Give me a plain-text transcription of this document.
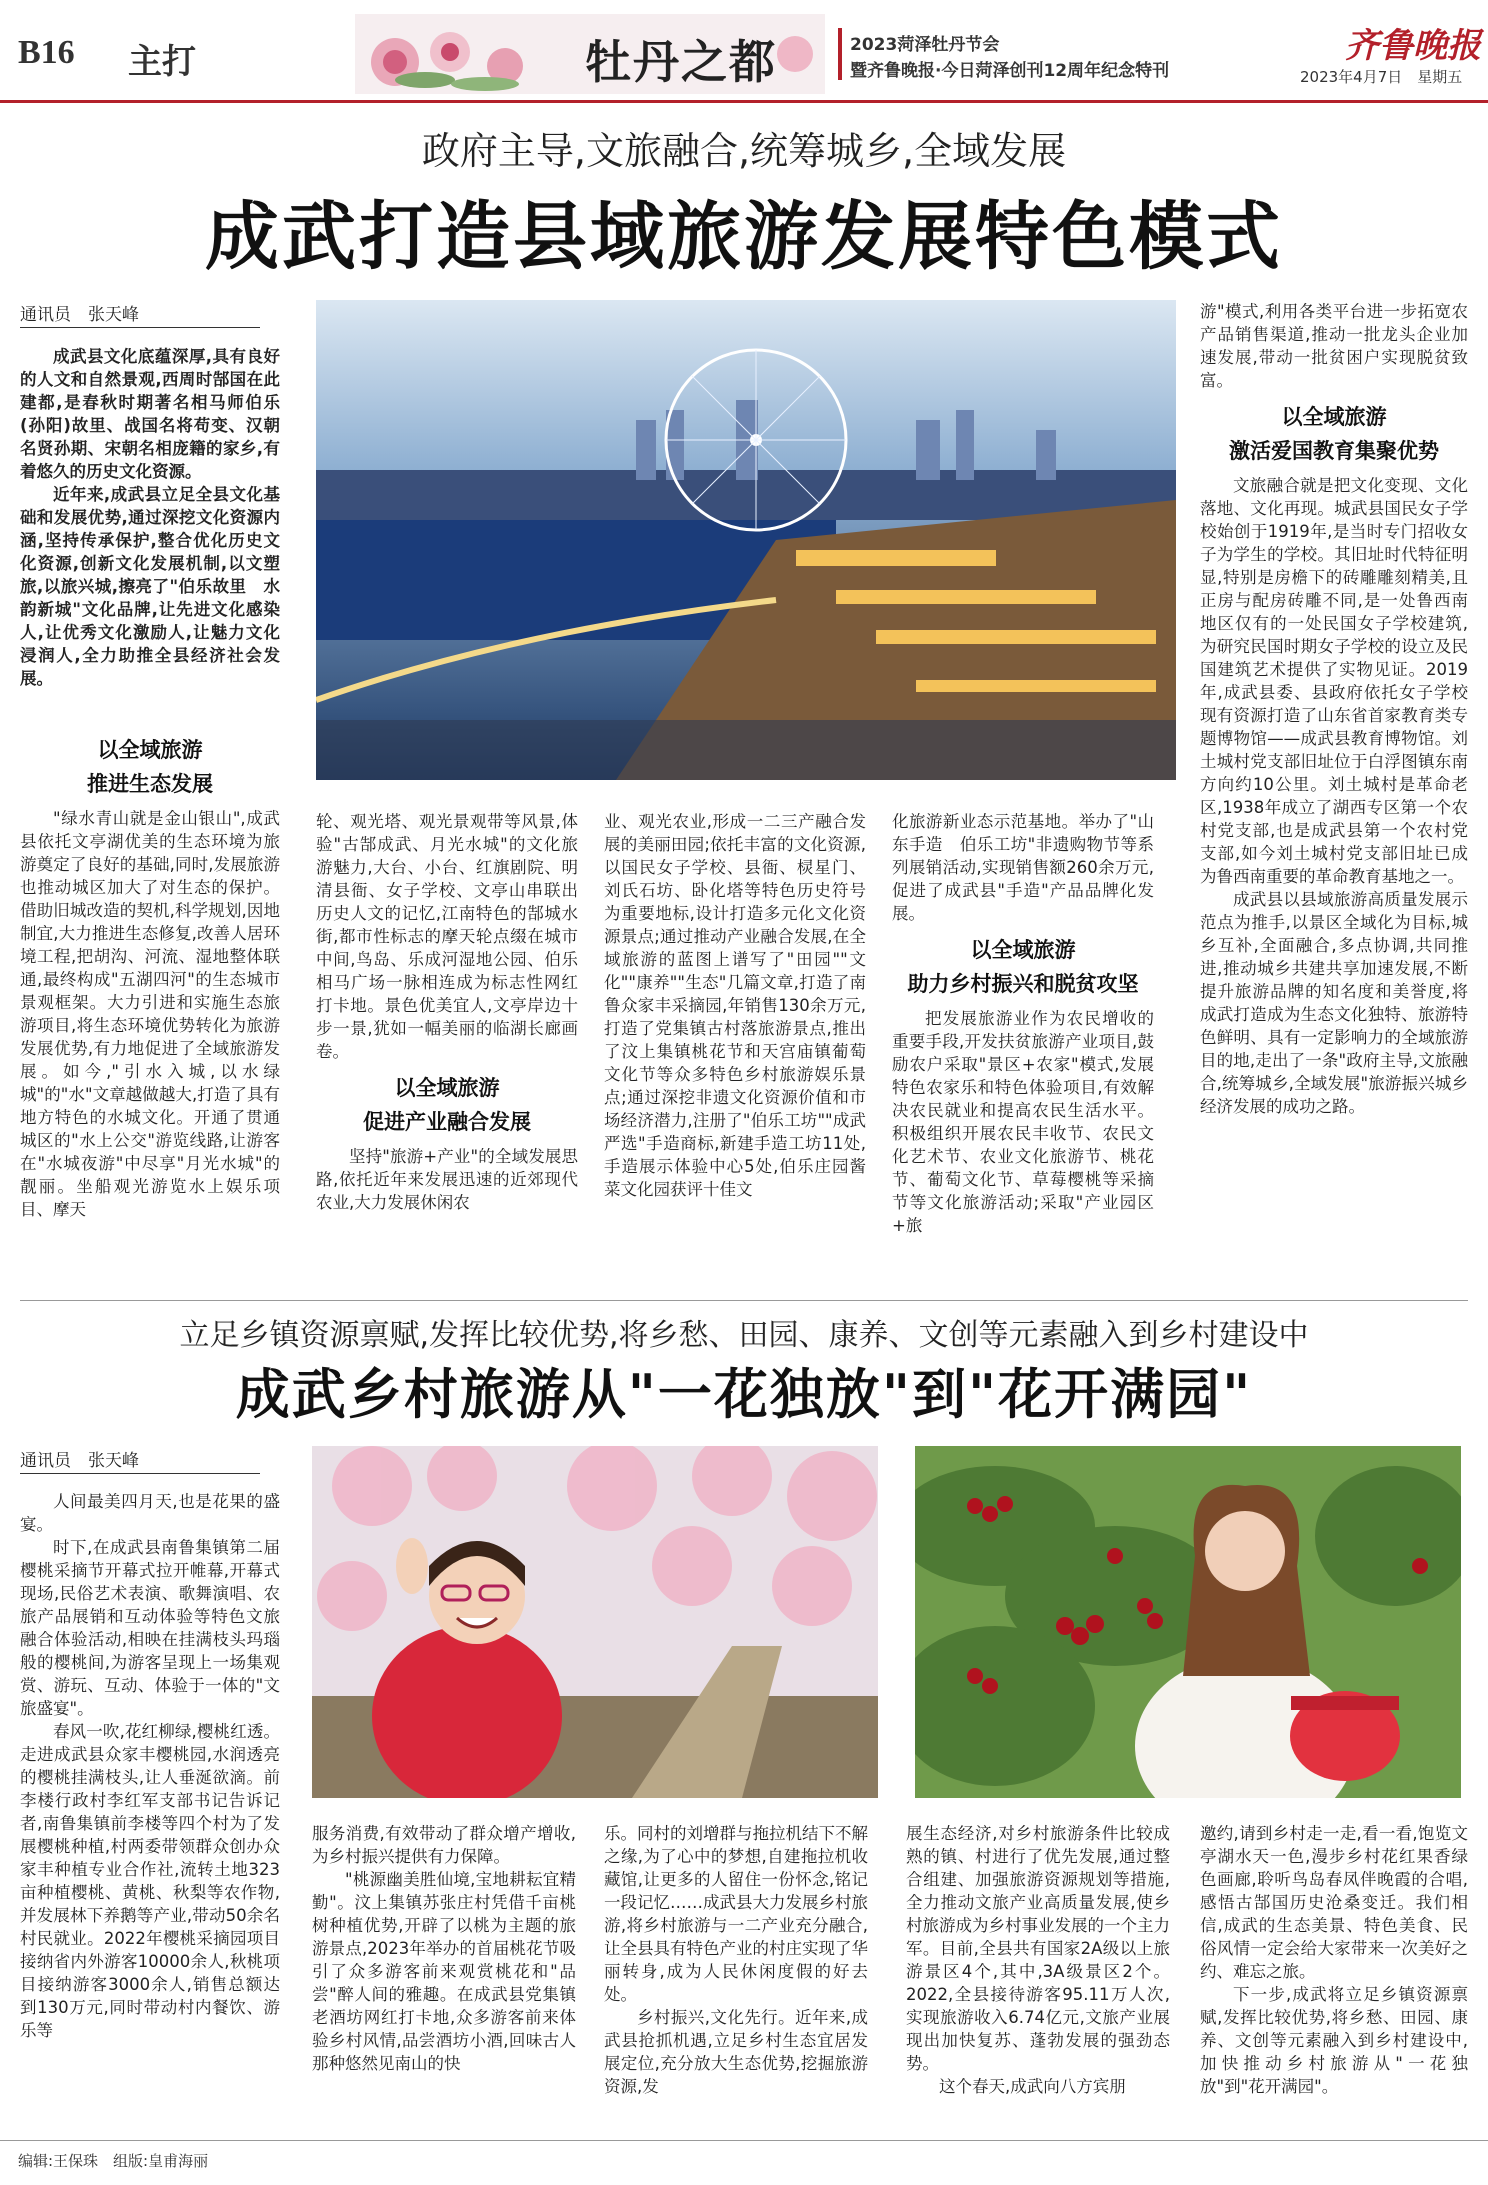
B16 主打	牡丹之都	2023菏泽牡丹节会
暨齐鲁晚报·今日菏泽创刊12周年纪念特刊
齐鲁晚报
2023年4月7日　星期五
政府主导,文旅融合,统筹城乡,全域发展
成武打造县域旅游发展特色模式
通讯员　张天峰

成武县文化底蕴深厚,具有良好的人文和自然景观,西周时郜国在此建都,是春秋时期著名相马师伯乐(孙阳)故里、战国名将苟变、汉朝名贤孙期、宋朝名相庞籍的家乡,有着悠久的历史文化资源。

近年来,成武县立足全县文化基础和发展优势,通过深挖文化资源内涵,坚持传承保护,整合优化历史文化资源,创新文化发展机制,以文塑旅,以旅兴城,擦亮了"伯乐故里　水韵新城"文化品牌,让先进文化感染人,让优秀文化激励人,让魅力文化浸润人,全力助推全县经济社会发展。

以全域旅游
推进生态发展

"绿水青山就是金山银山",成武县依托文亭湖优美的生态环境为旅游奠定了良好的基础,同时,发展旅游也推动城区加大了对生态的保护。借助旧城改造的契机,科学规划,因地制宜,大力推进生态修复,改善人居环境工程,把胡沟、河流、湿地整体联通,最终构成"五湖四河"的生态城市景观框架。大力引进和实施生态旅游项目,将生态环境优势转化为旅游发展优势,有力地促进了全域旅游发展。如今,"引水入城,以水绿城"的"水"文章越做越大,打造了具有地方特色的水城文化。开通了贯通城区的"水上公交"游览线路,让游客在"水城夜游"中尽享"月光水城"的靓丽。坐船观光游览水上娱乐项目、摩天

轮、观光塔、观光景观带等风景,体验"古郜成武、月光水城"的文化旅游魅力,大台、小台、红旗剧院、明清县衙、女子学校、文亭山串联出历史人文的记忆,江南特色的郜城水街,都市性标志的摩天轮点缀在城市中间,鸟岛、乐成河湿地公园、伯乐相马广场一脉相连成为标志性网红打卡地。景色优美宜人,文亭岸边十步一景,犹如一幅美丽的临湖长廊画卷。

以全域旅游
促进产业融合发展

坚持"旅游+产业"的全域发展思路,依托近年来发展迅速的近郊现代农业,大力发展休闲农

业、观光农业,形成一二三产融合发展的美丽田园;依托丰富的文化资源,以国民女子学校、县衙、棂星门、刘氏石坊、卧化塔等特色历史符号为重要地标,设计打造多元化文化资源景点;通过推动产业融合发展,在全域旅游的蓝图上谱写了"田园""文化""康养""生态"几篇文章,打造了南鲁众家丰采摘园,年销售130余万元,打造了党集镇古村落旅游景点,推出了汶上集镇桃花节和天宫庙镇葡萄文化节等众多特色乡村旅游娱乐景点;通过深挖非遗文化资源价值和市场经济潜力,注册了"伯乐工坊""成武严选"手造商标,新建手造工坊11处,手造展示体验中心5处,伯乐庄园酱菜文化园获评十佳文

化旅游新业态示范基地。举办了"山东手造　伯乐工坊"非遗购物节等系列展销活动,实现销售额260余万元,促进了成武县"手造"产品品牌化发展。

以全域旅游
助力乡村振兴和脱贫攻坚

把发展旅游业作为农民增收的重要手段,开发扶贫旅游产业项目,鼓励农户采取"景区+农家"模式,发展特色农家乐和特色体验项目,有效解决农民就业和提高农民生活水平。积极组织开展农民丰收节、农民文化艺术节、农业文化旅游节、桃花节、葡萄文化节、草莓樱桃等采摘节等文化旅游活动;采取"产业园区+旅

游"模式,利用各类平台进一步拓宽农产品销售渠道,推动一批龙头企业加速发展,带动一批贫困户实现脱贫致富。

以全域旅游
激活爱国教育集聚优势

文旅融合就是把文化变现、文化落地、文化再现。城武县国民女子学校始创于1919年,是当时专门招收女子为学生的学校。其旧址时代特征明显,特别是房檐下的砖雕雕刻精美,且正房与配房砖雕不同,是一处鲁西南地区仅有的一处民国女子学校建筑,为研究民国时期女子学校的设立及民国建筑艺术提供了实物见证。2019年,成武县委、县政府依托女子学校现有资源打造了山东省首家教育类专题博物馆——成武县教育博物馆。刘土城村党支部旧址位于白浮图镇东南方向约10公里。刘土城村是革命老区,1938年成立了湖西专区第一个农村党支部,也是成武县第一个农村党支部,如今刘土城村党支部旧址已成为鲁西南重要的革命教育基地之一。

成武县以县域旅游高质量发展示范点为推手,以景区全域化为目标,城乡互补,全面融合,多点协调,共同推进,推动城乡共建共享加速发展,不断提升旅游品牌的知名度和美誉度,将成武打造成为生态文化独特、旅游特色鲜明、具有一定影响力的全域旅游目的地,走出了一条"政府主导,文旅融合,统筹城乡,全域发展"旅游振兴城乡经济发展的成功之路。

立足乡镇资源禀赋,发挥比较优势,将乡愁、田园、康养、文创等元素融入到乡村建设中
成武乡村旅游从"一花独放"到"花开满园"
通讯员　张天峰

人间最美四月天,也是花果的盛宴。

时下,在成武县南鲁集镇第二届樱桃采摘节开幕式拉开帷幕,开幕式现场,民俗艺术表演、歌舞演唱、农旅产品展销和互动体验等特色文旅融合体验活动,相映在挂满枝头玛瑙般的樱桃间,为游客呈现上一场集观赏、游玩、互动、体验于一体的"文旅盛宴"。

春风一吹,花红柳绿,樱桃红透。走进成武县众家丰樱桃园,水润透亮的樱桃挂满枝头,让人垂涎欲滴。前李楼行政村李红军支部书记告诉记者,南鲁集镇前李楼等四个村为了发展樱桃种植,村两委带领群众创办众家丰种植专业合作社,流转土地323亩种植樱桃、黄桃、秋梨等农作物,并发展林下养鹅等产业,带动50余名村民就业。2022年樱桃采摘园项目接纳省内外游客10000余人,秋桃项目接纳游客3000余人,销售总额达到130万元,同时带动村内餐饮、游乐等

服务消费,有效带动了群众增产增收,为乡村振兴提供有力保障。

"桃源幽美胜仙境,宝地耕耘宜精勤"。汶上集镇苏张庄村凭借千亩桃树种植优势,开辟了以桃为主题的旅游景点,2023年举办的首届桃花节吸引了众多游客前来观赏桃花和"品尝"醉人间的雅趣。在成武县党集镇老酒坊网红打卡地,众多游客前来体验乡村风情,品尝酒坊小酒,回味古人那种悠然见南山的快

乐。同村的刘增群与拖拉机结下不解之缘,为了心中的梦想,自建拖拉机收藏馆,让更多的人留住一份怀念,铭记一段记忆……成武县大力发展乡村旅游,将乡村旅游与一二产业充分融合,让全县具有特色产业的村庄实现了华丽转身,成为人民休闲度假的好去处。

乡村振兴,文化先行。近年来,成武县抢抓机遇,立足乡村生态宜居发展定位,充分放大生态优势,挖掘旅游资源,发

展生态经济,对乡村旅游条件比较成熟的镇、村进行了优先发展,通过整合组建、加强旅游资源规划等措施,全力推动文旅产业高质量发展,使乡村旅游成为乡村事业发展的一个主力军。目前,全县共有国家2A级以上旅游景区4个,其中,3A级景区2个。2022,全县接待游客95.11万人次,实现旅游收入6.74亿元,文旅产业展现出加快复苏、蓬勃发展的强劲态势。

这个春天,成武向八方宾朋

邀约,请到乡村走一走,看一看,饱览文亭湖水天一色,漫步乡村花红果香绿色画廊,聆听鸟岛春凤伴晚霞的合唱,感悟古郜国历史沧桑变迁。我们相信,成武的生态美景、特色美食、民俗风情一定会给大家带来一次美好之约、难忘之旅。

下一步,成武将立足乡镇资源禀赋,发挥比较优势,将乡愁、田园、康养、文创等元素融入到乡村建设中,加快推动乡村旅游从"一花独放"到"花开满园"。

编辑:王保珠　组版:皇甫海丽
